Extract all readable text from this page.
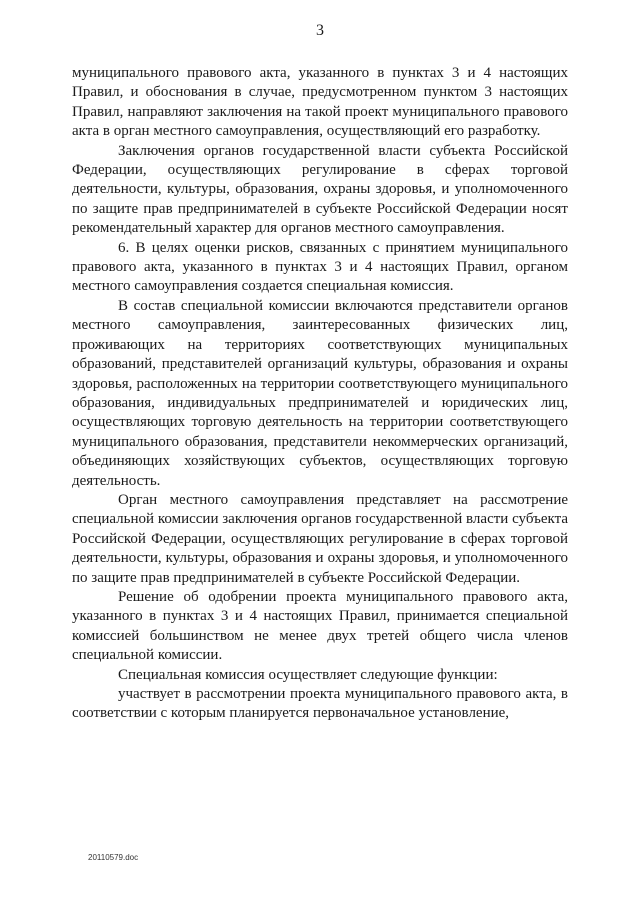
3

муниципального правового акта, указанного в пунктах 3 и 4 настоящих Правил, и обоснования в случае, предусмотренном пунктом 3 настоящих Правил, направляют заключения на такой проект муниципального правового акта в орган местного самоуправления, осуществляющий его разработку.

Заключения органов государственной власти субъекта Российской Федерации, осуществляющих регулирование в сферах торговой деятельности, культуры, образования, охраны здоровья, и уполномоченного по защите прав предпринимателей в субъекте Российской Федерации носят рекомендательный характер для органов местного самоуправления.

6. В целях оценки рисков, связанных с принятием муниципального правового акта, указанного в пунктах 3 и 4 настоящих Правил, органом местного самоуправления создается специальная комиссия.

В состав специальной комиссии включаются представители органов местного самоуправления, заинтересованных физических лиц, проживающих на территориях соответствующих муниципальных образований, представителей организаций культуры, образования и охраны здоровья, расположенных на территории соответствующего муниципального образования, индивидуальных предпринимателей и юридических лиц, осуществляющих торговую деятельность на территории соответствующего муниципального образования, представители некоммерческих организаций, объединяющих хозяйствующих субъектов, осуществляющих торговую деятельность.

Орган местного самоуправления представляет на рассмотрение специальной комиссии заключения органов государственной власти субъекта Российской Федерации, осуществляющих регулирование в сферах торговой деятельности, культуры, образования и охраны здоровья, и уполномоченного по защите прав предпринимателей в субъекте Российской Федерации.

Решение об одобрении проекта муниципального правового акта, указанного в пунктах 3 и 4 настоящих Правил, принимается специальной комиссией большинством не менее двух третей общего числа членов специальной комиссии.

Специальная комиссия осуществляет следующие функции:

участвует в рассмотрении проекта муниципального правового акта, в соответствии с которым планируется первоначальное установление,

20110579.doc
